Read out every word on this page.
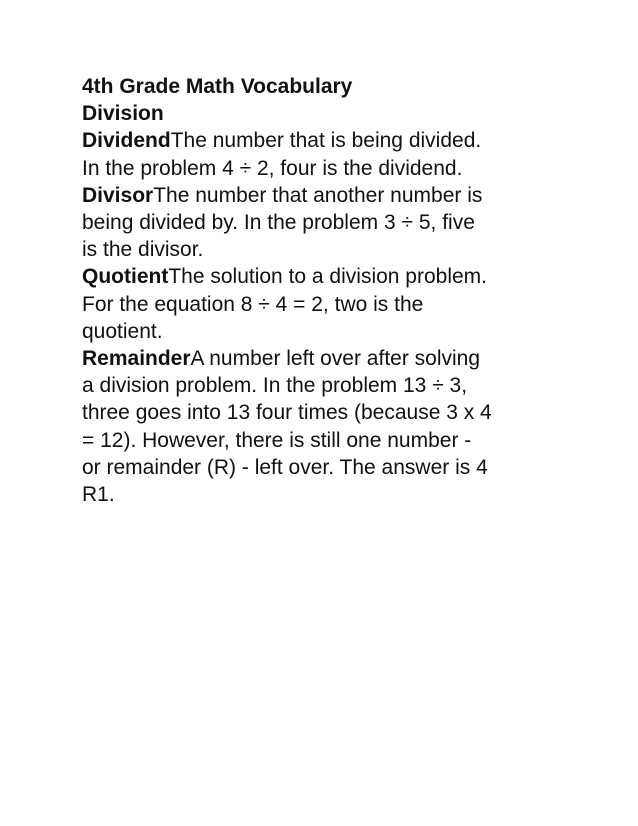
4th Grade Math Vocabulary
Division
DividendThe number that is being divided.
In the problem 4 ÷ 2, four is the dividend.
DivisorThe number that another number is
being divided by. In the problem 3 ÷ 5, five
is the divisor.
QuotientThe solution to a division problem.
For the equation 8 ÷ 4 = 2, two is the
quotient.
RemainderA number left over after solving
a division problem. In the problem 13 ÷ 3,
three goes into 13 four times (because 3 x 4
= 12). However, there is still one number -
or remainder (R) - left over. The answer is 4
R1.
